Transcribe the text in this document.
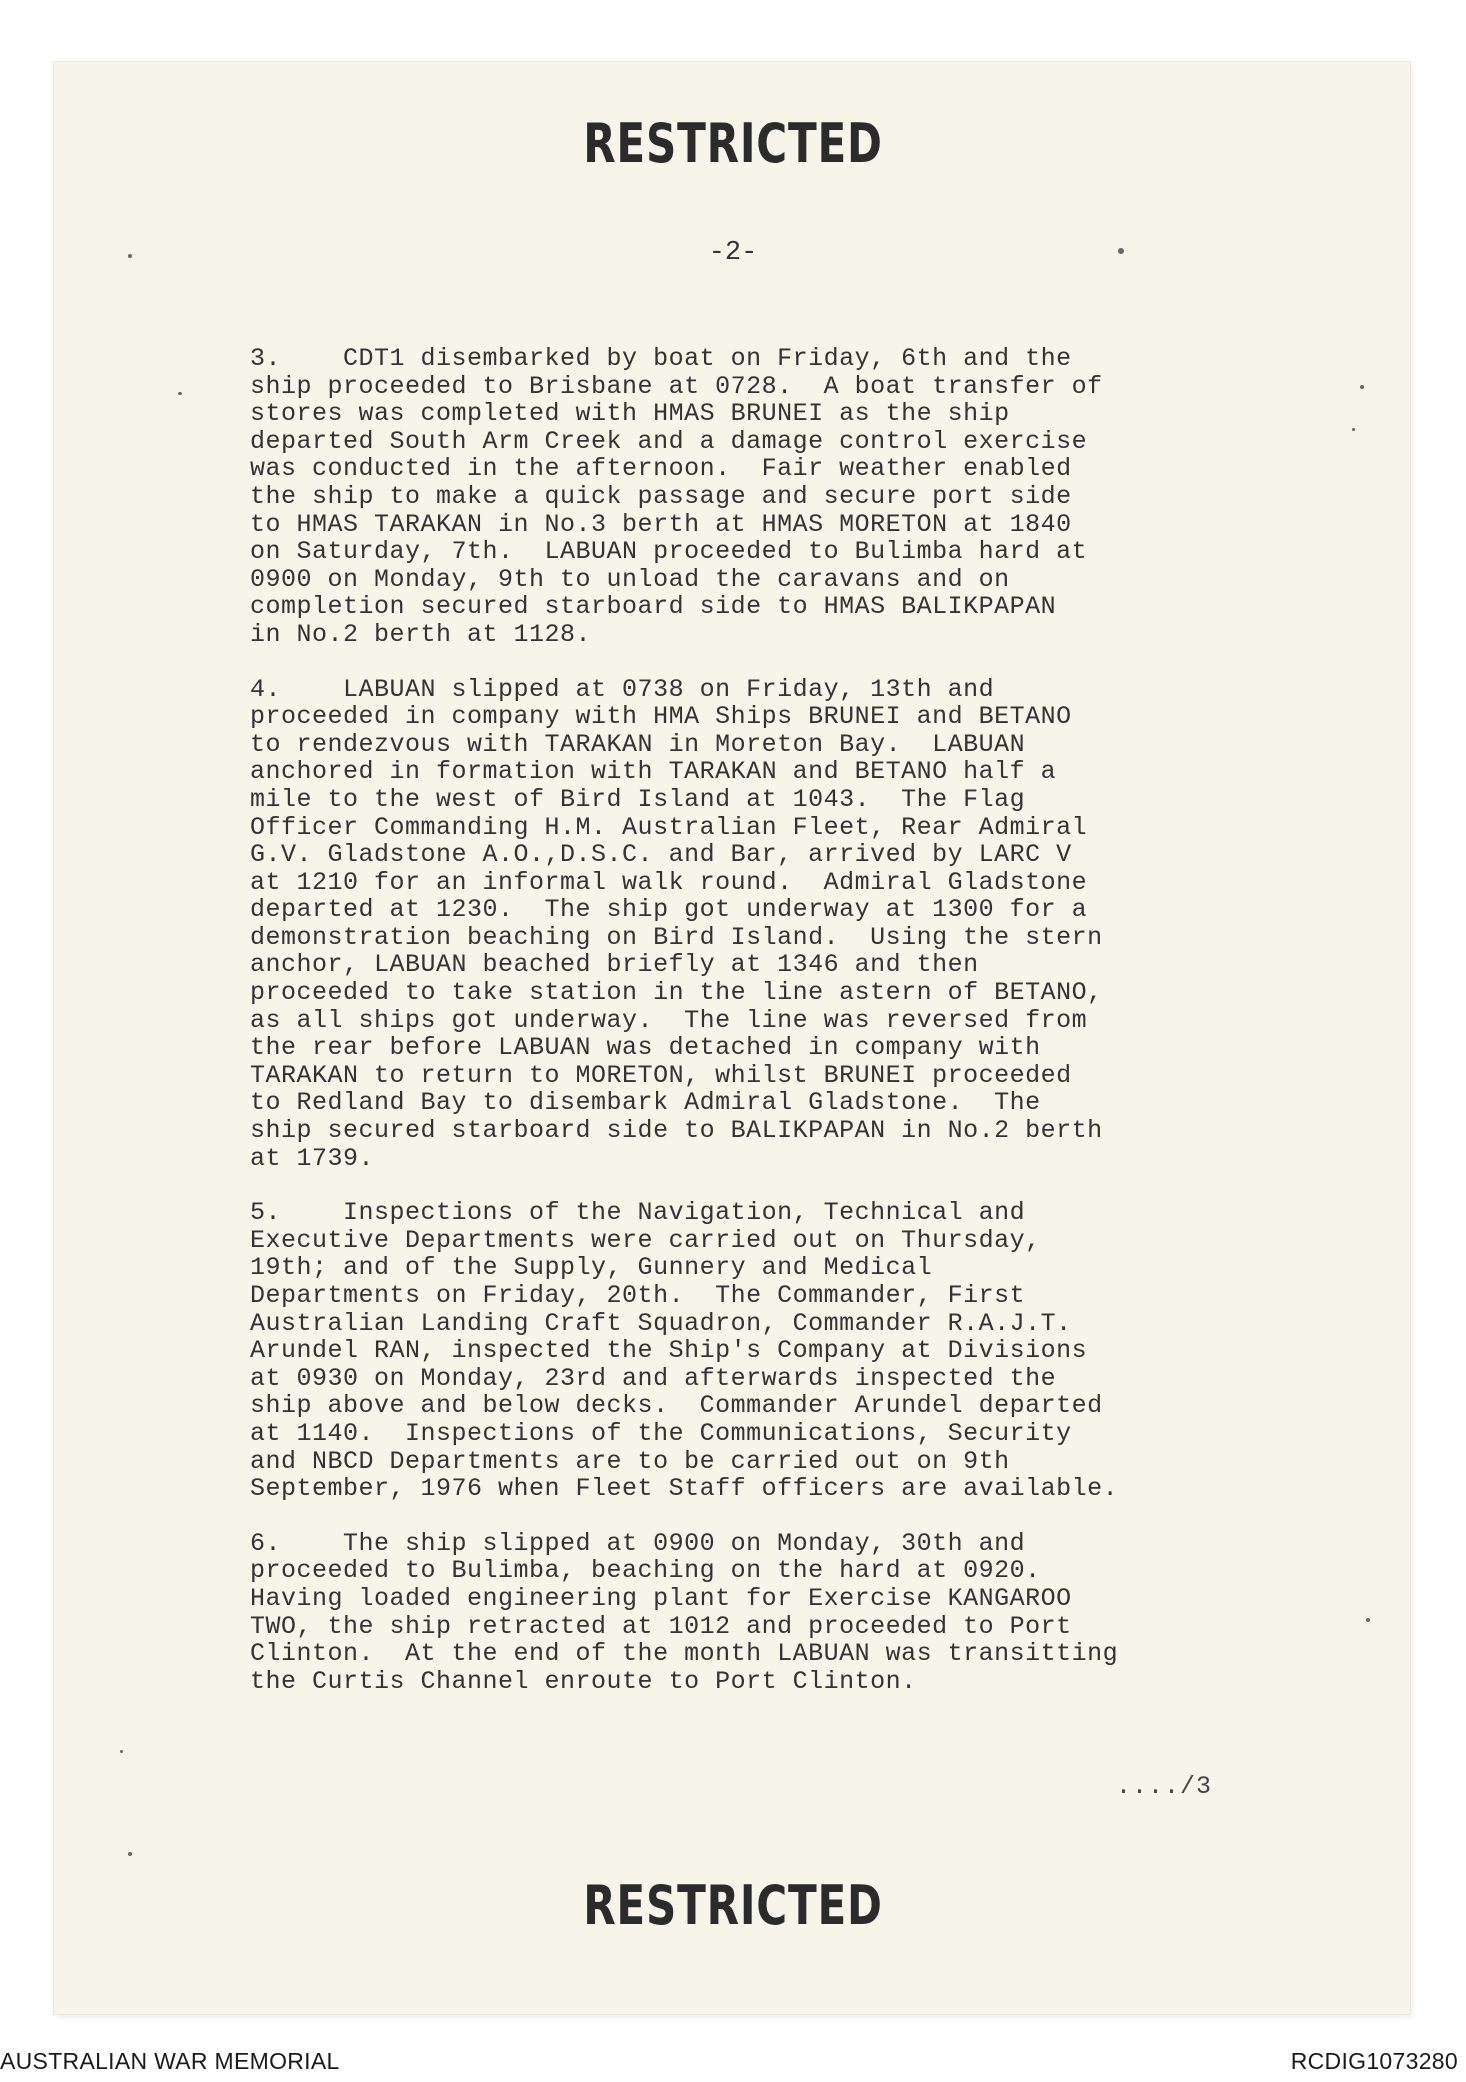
RESTRICTED
-2-

3.    CDT1 disembarked by boat on Friday, 6th and the
ship proceeded to Brisbane at 0728.  A boat transfer of
stores was completed with HMAS BRUNEI as the ship
departed South Arm Creek and a damage control exercise
was conducted in the afternoon.  Fair weather enabled
the ship to make a quick passage and secure port side
to HMAS TARAKAN in No.3 berth at HMAS MORETON at 1840
on Saturday, 7th.  LABUAN proceeded to Bulimba hard at
0900 on Monday, 9th to unload the caravans and on
completion secured starboard side to HMAS BALIKPAPAN
in No.2 berth at 1128.

4.    LABUAN slipped at 0738 on Friday, 13th and
proceeded in company with HMA Ships BRUNEI and BETANO
to rendezvous with TARAKAN in Moreton Bay.  LABUAN
anchored in formation with TARAKAN and BETANO half a
mile to the west of Bird Island at 1043.  The Flag
Officer Commanding H.M. Australian Fleet, Rear Admiral
G.V. Gladstone A.O.,D.S.C. and Bar, arrived by LARC V
at 1210 for an informal walk round.  Admiral Gladstone
departed at 1230.  The ship got underway at 1300 for a
demonstration beaching on Bird Island.  Using the stern
anchor, LABUAN beached briefly at 1346 and then
proceeded to take station in the line astern of BETANO,
as all ships got underway.  The line was reversed from
the rear before LABUAN was detached in company with
TARAKAN to return to MORETON, whilst BRUNEI proceeded
to Redland Bay to disembark Admiral Gladstone.  The
ship secured starboard side to BALIKPAPAN in No.2 berth
at 1739.

5.    Inspections of the Navigation, Technical and
Executive Departments were carried out on Thursday,
19th; and of the Supply, Gunnery and Medical
Departments on Friday, 20th.  The Commander, First
Australian Landing Craft Squadron, Commander R.A.J.T.
Arundel RAN, inspected the Ship's Company at Divisions
at 0930 on Monday, 23rd and afterwards inspected the
ship above and below decks.  Commander Arundel departed
at 1140.  Inspections of the Communications, Security
and NBCD Departments are to be carried out on 9th
September, 1976 when Fleet Staff officers are available.

6.    The ship slipped at 0900 on Monday, 30th and
proceeded to Bulimba, beaching on the hard at 0920.
Having loaded engineering plant for Exercise KANGAROO
TWO, the ship retracted at 1012 and proceeded to Port
Clinton.  At the end of the month LABUAN was transitting
the Curtis Channel enroute to Port Clinton.

..../3
RESTRICTED
AUSTRALIAN WAR MEMORIAL	RCDIG1073280
